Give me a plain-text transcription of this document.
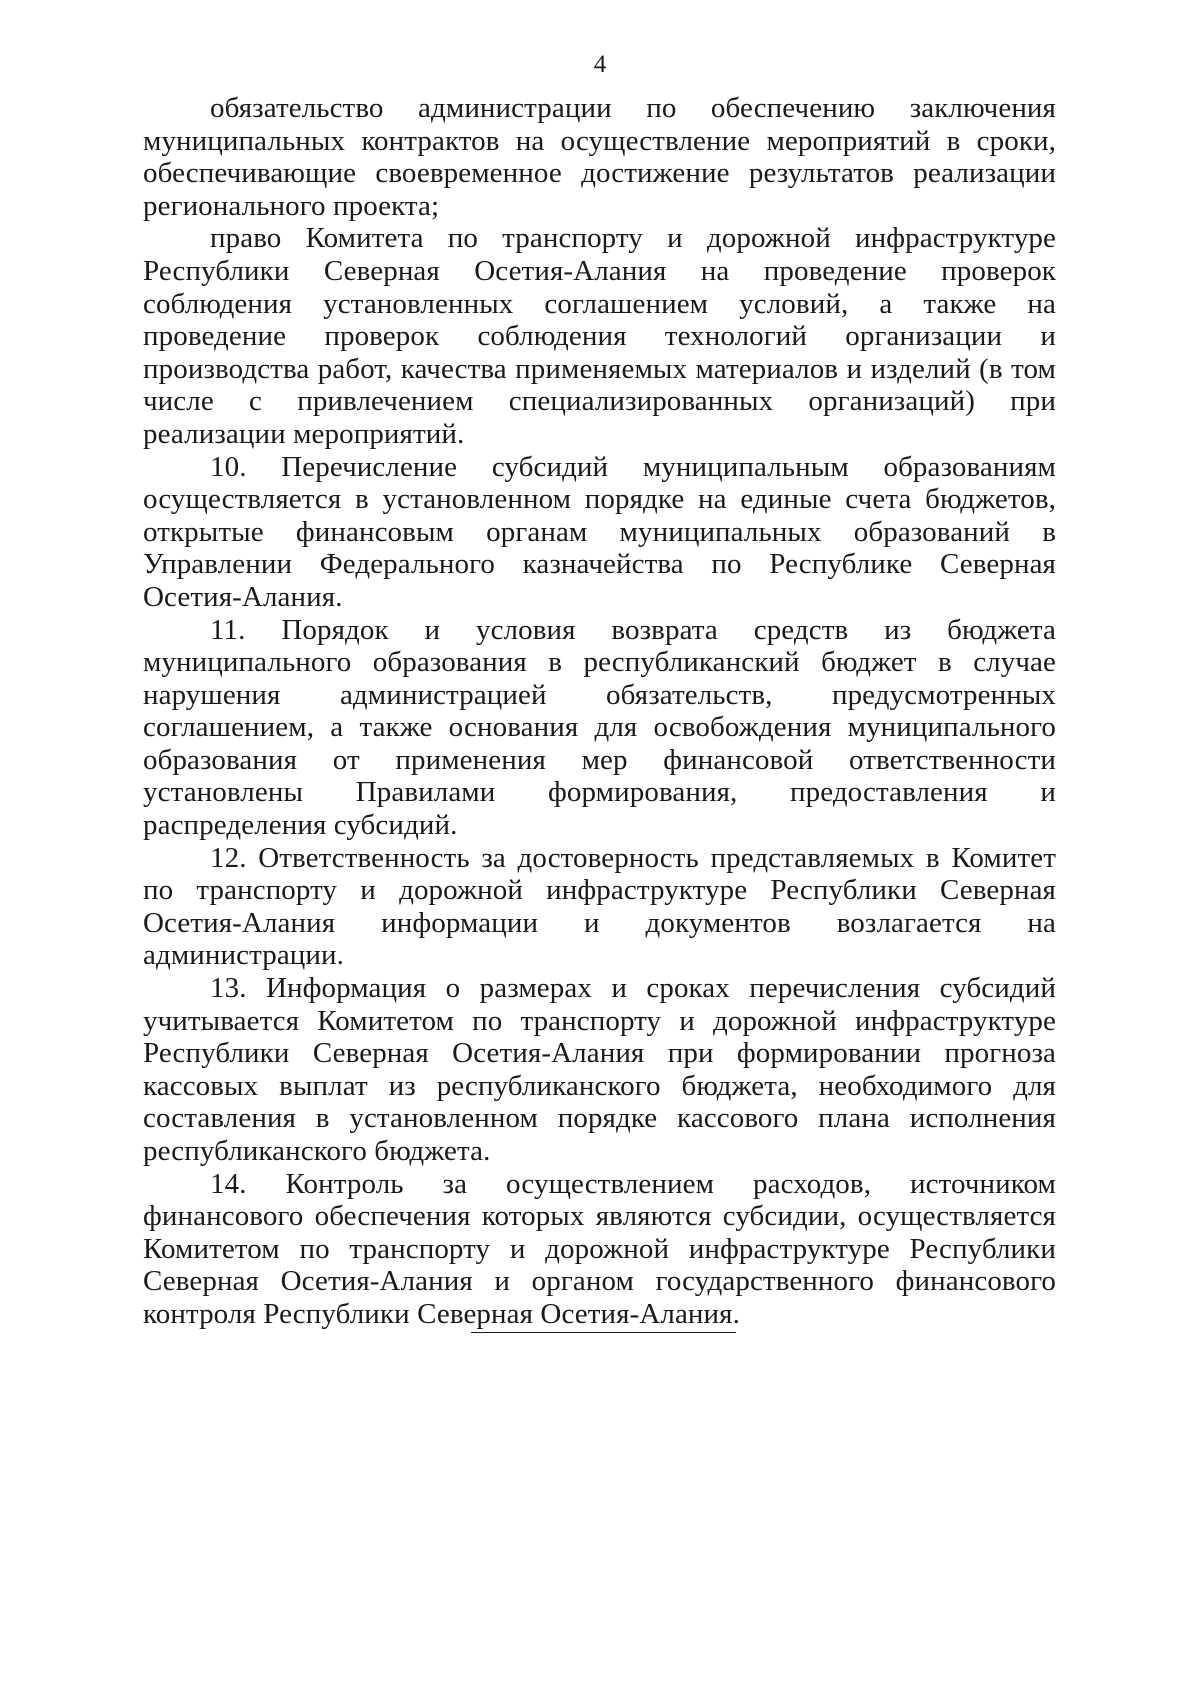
4

обязательство администрации по обеспечению заключения муниципальных контрактов на осуществление мероприятий в сроки, обеспечивающие своевременное достижение результатов реализации регионального проекта;

право Комитета по транспорту и дорожной инфраструктуре Республики Северная Осетия-Алания на проведение проверок соблюдения установленных соглашением условий, а также на проведение проверок соблюдения технологий организации и производства работ, качества применяемых материалов и изделий (в том числе с привлечением специализированных организаций) при реализации мероприятий.

10. Перечисление субсидий муниципальным образованиям осуществляется в установленном порядке на единые счета бюджетов, открытые финансовым органам муниципальных образований в Управлении Федерального казначейства по Республике Северная Осетия-Алания.

11. Порядок и условия возврата средств из бюджета муниципального образования в республиканский бюджет в случае нарушения администрацией обязательств, предусмотренных соглашением, а также основания для освобождения муниципального образования от применения мер финансовой ответственности установлены Правилами формирования, предоставления и распределения субсидий.

12. Ответственность за достоверность представляемых в Комитет по транспорту и дорожной инфраструктуре Республики Северная Осетия-Алания информации и документов возлагается на администрации.

13. Информация о размерах и сроках перечисления субсидий учитывается Комитетом по транспорту и дорожной инфраструктуре Республики Северная Осетия-Алания при формировании прогноза кассовых выплат из республиканского бюджета, необходимого для составления в установленном порядке кассового плана исполнения республиканского бюджета.

14. Контроль за осуществлением расходов, источником финансового обеспечения которых являются субсидии, осуществляется Комитетом по транспорту и дорожной инфраструктуре Республики Северная Осетия-Алания и органом государственного финансового контроля Республики Северная Осетия-Алания.
